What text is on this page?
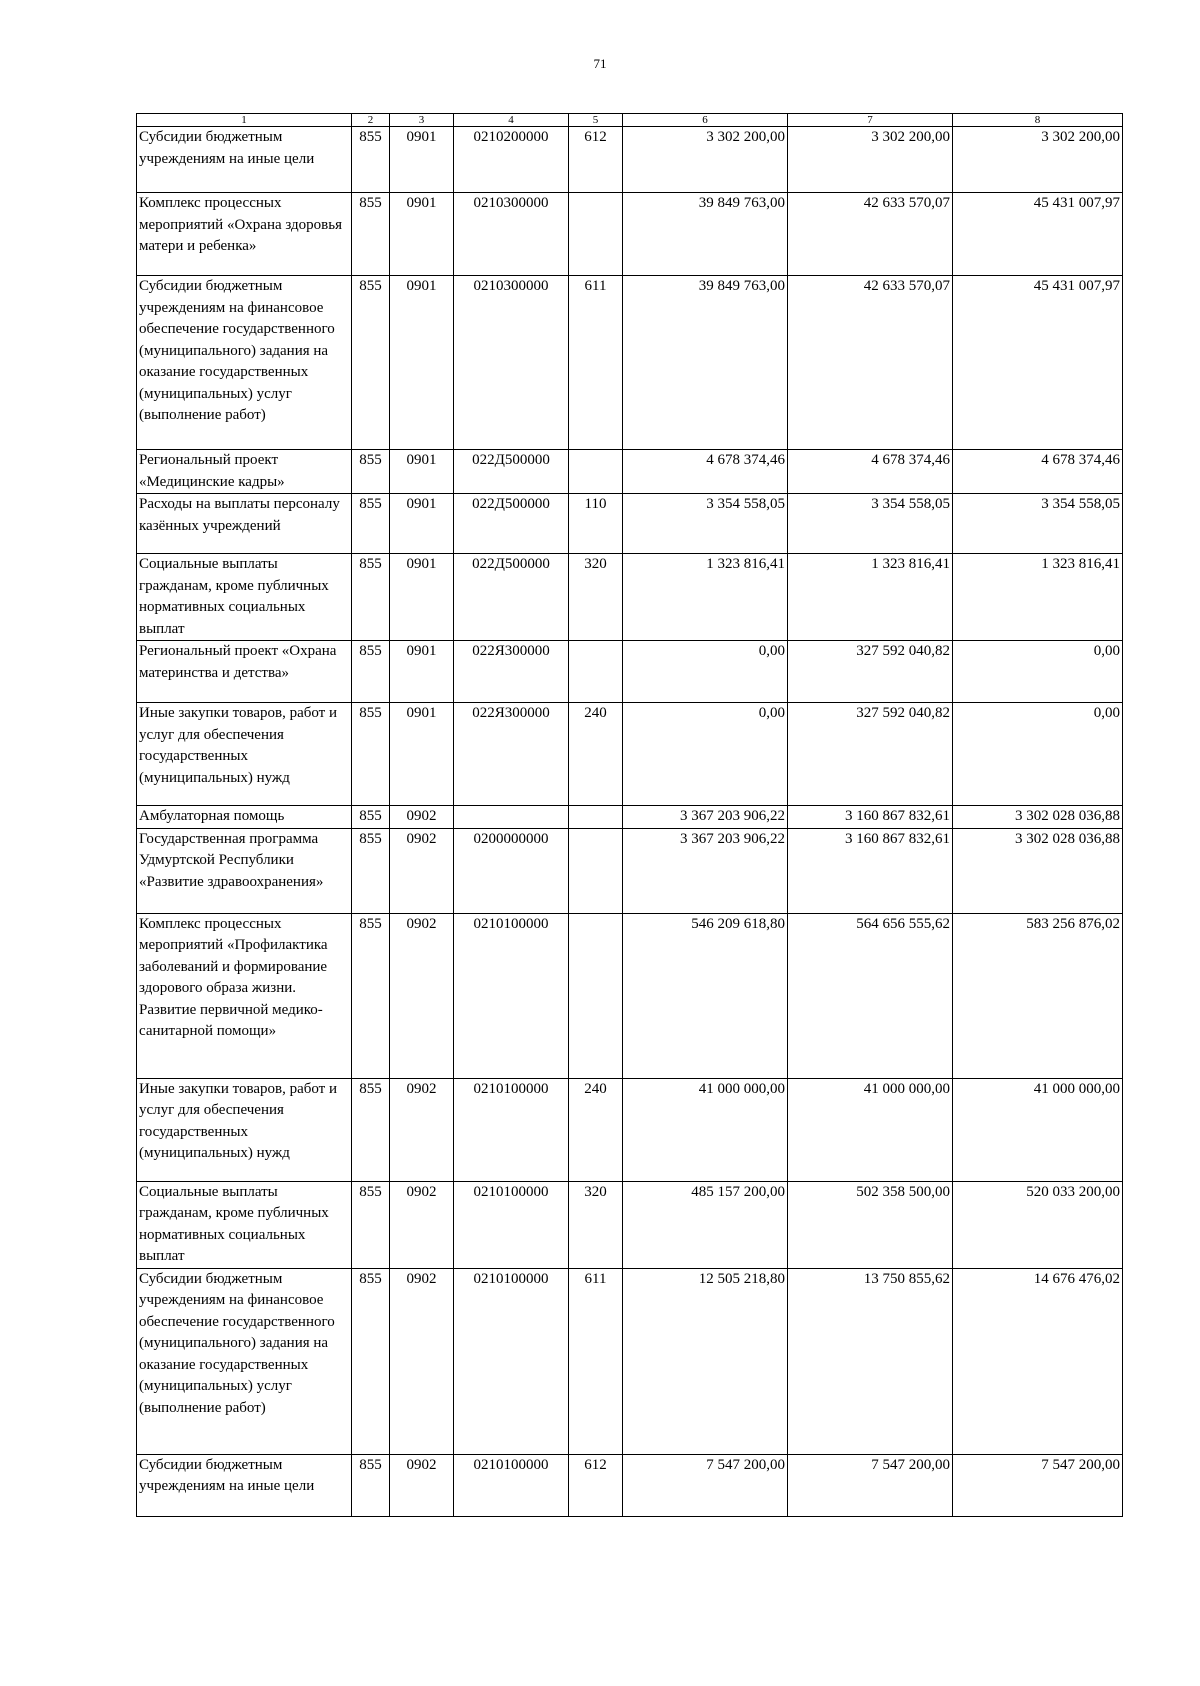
71
1	2	3	4	5	6	7	8
Субсидии бюджетным учреждениям на иные цели	855	0901	0210200000	612	3 302 200,00	3 302 200,00	3 302 200,00
Комплекс процессных мероприятий «Охрана здоровья матери и ребенка»	855	0901	0210300000		39 849 763,00	42 633 570,07	45 431 007,97
Субсидии бюджетным учреждениям на финансовое обеспечение государственного (муниципального) задания на оказание государственных (муниципальных) услуг (выполнение работ)	855	0901	0210300000	611	39 849 763,00	42 633 570,07	45 431 007,97
Региональный проект «Медицинские кадры»	855	0901	022Д500000		4 678 374,46	4 678 374,46	4 678 374,46
Расходы на выплаты персоналу казённых учреждений	855	0901	022Д500000	110	3 354 558,05	3 354 558,05	3 354 558,05
Социальные выплаты гражданам, кроме публичных нормативных социальных выплат	855	0901	022Д500000	320	1 323 816,41	1 323 816,41	1 323 816,41
Региональный проект «Охрана материнства и детства»	855	0901	022Я300000		0,00	327 592 040,82	0,00
Иные закупки товаров, работ и услуг для обеспечения государственных (муниципальных) нужд	855	0901	022Я300000	240	0,00	327 592 040,82	0,00
Амбулаторная помощь	855	0902			3 367 203 906,22	3 160 867 832,61	3 302 028 036,88
Государственная программа Удмуртской Республики «Развитие здравоохранения»	855	0902	0200000000		3 367 203 906,22	3 160 867 832,61	3 302 028 036,88
Комплекс процессных мероприятий «Профилактика заболеваний и формирование здорового образа жизни. Развитие первичной медико-санитарной помощи»	855	0902	0210100000		546 209 618,80	564 656 555,62	583 256 876,02
Иные закупки товаров, работ и услуг для обеспечения государственных (муниципальных) нужд	855	0902	0210100000	240	41 000 000,00	41 000 000,00	41 000 000,00
Социальные выплаты гражданам, кроме публичных нормативных социальных выплат	855	0902	0210100000	320	485 157 200,00	502 358 500,00	520 033 200,00
Субсидии бюджетным учреждениям на финансовое обеспечение государственного (муниципального) задания на оказание государственных (муниципальных) услуг (выполнение работ)	855	0902	0210100000	611	12 505 218,80	13 750 855,62	14 676 476,02
Субсидии бюджетным учреждениям на иные цели	855	0902	0210100000	612	7 547 200,00	7 547 200,00	7 547 200,00
